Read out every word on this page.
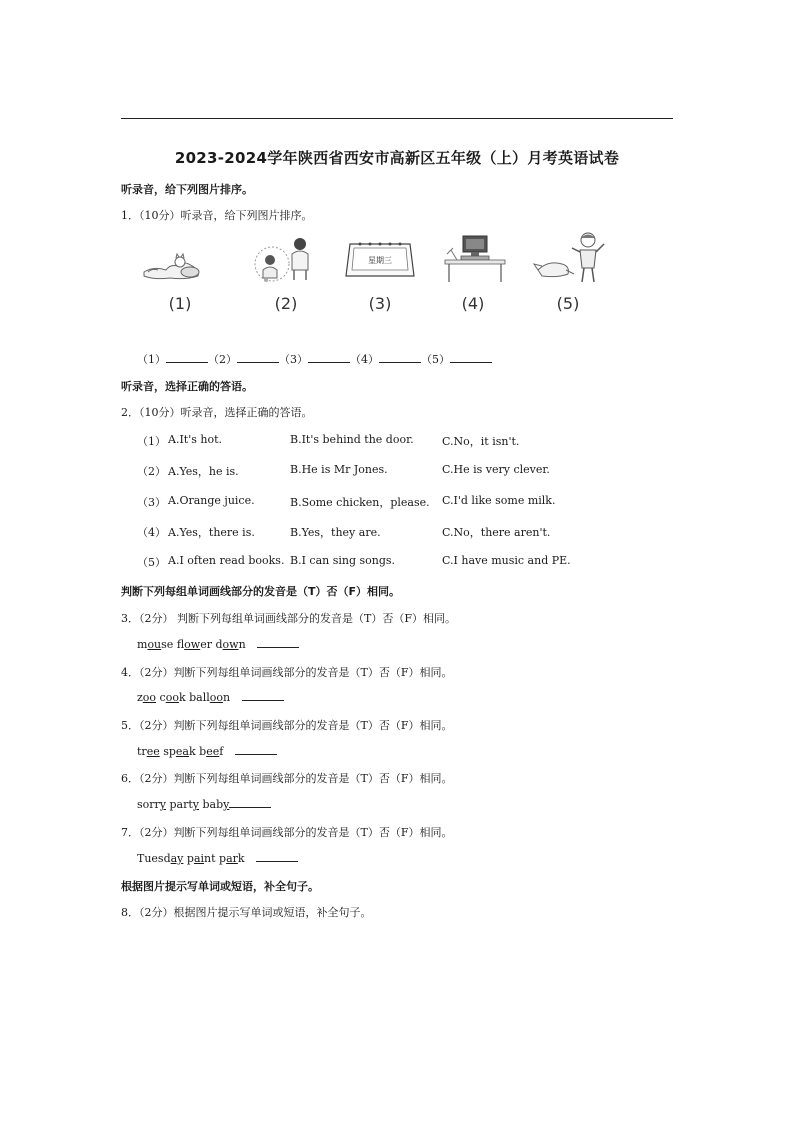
2023-2024学年陕西省西安市高新区五年级（上）月考英语试卷
听录音，给下列图片排序。
1．（10分）听录音，给下列图片排序。
(1)	(2)
星期三
(3)	(4)	(5)
（1）	（2）	（3）	（4）	（5）
听录音，选择正确的答语。
2．（10分）听录音，选择正确的答语。
（1） A.It's hot.	B.It's behind the door.	C.No，it isn't.
（2） A.Yes，he is.	B.He is Mr Jones.	C.He is very clever.
（3） A.Orange juice.	B.Some chicken，please. C.I'd like some milk.
（4） A.Yes，there is.	B.Yes，they are.	C.No，there aren't.
（5） A.I often read books. B.I can sing songs.	C.I have music and PE.
判断下列每组单词画线部分的发音是（T）否（F）相同。
3．（2分） 判断下列每组单词画线部分的发音是（T）否（F）相同。
mouse flower down
4．（2分）判断下列每组单词画线部分的发音是（T）否（F）相同。
zoo cook balloon
5．（2分）判断下列每组单词画线部分的发音是（T）否（F）相同。
tree speak beef
6．（2分）判断下列每组单词画线部分的发音是（T）否（F）相同。
sorry party baby
7．（2分）判断下列每组单词画线部分的发音是（T）否（F）相同。
Tuesday paint park
根据图片提示写单词或短语，补全句子。
8．（2分）根据图片提示写单词或短语，补全句子。
